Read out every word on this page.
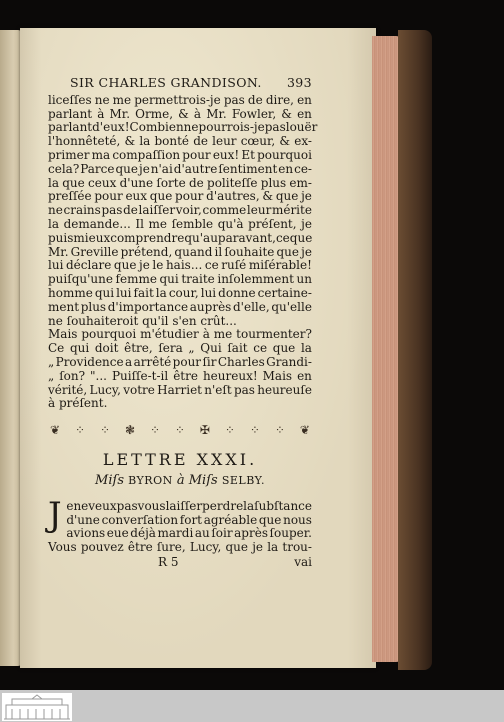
SIR CHARLES GRANDISON. 393
liceſſes ne me permettrois-je pas de dire, en
parlant à Mr. Orme, & à Mr. Fowler, & en
parlant d'eux! Combien ne pourrois-je pas louër
l'honnêteté, & la bonté de leur cœur, & ex-
primer ma compaſſion pour eux! Et pourquoi
cela? Parce que je n'ai d'autre ſentiment en ce-
la que ceux d'une ſorte de politeſſe plus em-
preſſée pour eux que pour d'autres, & que je
ne crains pas de laiſſer voir, comme leur mérite
la demande... Il me ſemble qu'à préſent, je
puis mieux comprendre qu'auparavant, ce que
Mr. Greville prétend, quand il ſouhaite que je
lui déclare que je le hais... ce ruſé miſérable!
puiſqu'une femme qui traite inſolemment un
homme qui lui fait la cour, lui donne certaine-
ment plus d'importance auprès d'elle, qu'elle
ne ſouhaiteroit qu'il s'en crût...
Mais pourquoi m'étudier à me tourmenter?
Ce qui doit être, ſera „ Qui ſait ce que la
„ Providence a arrêté pour ſir Charles Grandi-
„ ſon? "... Puiſſe-t-il être heureux! Mais en
vérité, Lucy, votre Harriet n'eſt pas heureuſe
à préſent.
❦ ⁘ ⁘ ❃ ⁘ ⁘ ✠ ⁘ ⁘ ⁘ ❦
LETTRE XXXI.
Miſs BYRON à Miſs SELBY.
J e ne veux pas vous laiſſer perdre la ſubſtance
d'une converſation fort agréable que nous
avions eue déjà mardi au ſoir après ſouper.
Vous pouvez être ſure, Lucy, que je la trou-
R 5	vai
